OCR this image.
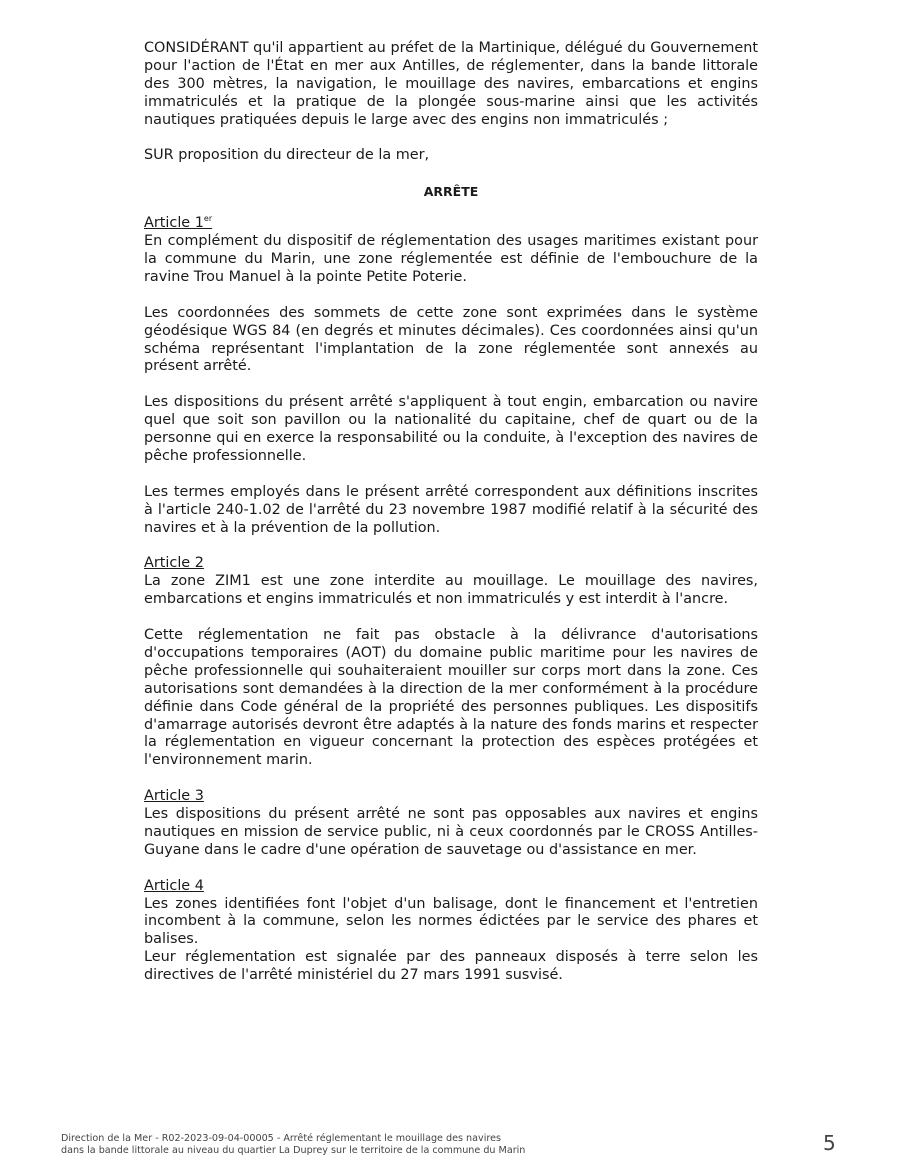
CONSIDÉRANT qu'il appartient au préfet de la Martinique, délégué du Gouvernement pour l'action de l'État en mer aux Antilles, de réglementer, dans la bande littorale des 300 mètres, la navigation, le mouillage des navires, embarcations et engins immatriculés et la pratique de la plongée sous-marine ainsi que les activités nautiques pratiquées depuis le large avec des engins non immatriculés ;

SUR proposition du directeur de la mer,

ARRÊTE

Article 1er

En complément du dispositif de réglementation des usages maritimes existant pour la commune du Marin, une zone réglementée est définie de l'embouchure de la ravine Trou Manuel à la pointe Petite Poterie.

Les coordonnées des sommets de cette zone sont exprimées dans le système géodésique WGS 84 (en degrés et minutes décimales). Ces coordonnées ainsi qu'un schéma représentant l'implantation de la zone réglementée sont annexés au présent arrêté.

Les dispositions du présent arrêté s'appliquent à tout engin, embarcation ou navire quel que soit son pavillon ou la nationalité du capitaine, chef de quart ou de la personne qui en exerce la responsabilité ou la conduite, à l'exception des navires de pêche professionnelle.

Les termes employés dans le présent arrêté correspondent aux définitions inscrites à l'article 240-1.02 de l'arrêté du 23 novembre 1987 modifié relatif à la sécurité des navires et à la prévention de la pollution.

Article 2

La zone ZIM1 est une zone interdite au mouillage. Le mouillage des navires, embarcations et engins immatriculés et non immatriculés y est interdit à l'ancre.

Cette réglementation ne fait pas obstacle à la délivrance d'autorisations d'occupations temporaires (AOT) du domaine public maritime pour les navires de pêche professionnelle qui souhaiteraient mouiller sur corps mort dans la zone. Ces autorisations sont demandées à la direction de la mer conformément à la procédure définie dans Code général de la propriété des personnes publiques. Les dispositifs d'amarrage autorisés devront être adaptés à la nature des fonds marins et respecter la réglementation en vigueur concernant la protection des espèces protégées et l'environnement marin.

Article 3

Les dispositions du présent arrêté ne sont pas opposables aux navires et engins nautiques en mission de service public, ni à ceux coordonnés par le CROSS Antilles-Guyane dans le cadre d'une opération de sauvetage ou d'assistance en mer.

Article 4

Les zones identifiées font l'objet d'un balisage, dont le financement et l'entretien incombent à la commune, selon les normes édictées par le service des phares et balises.

Leur réglementation est signalée par des panneaux disposés à terre selon les directives de l'arrêté ministériel du 27 mars 1991 susvisé.

Direction de la Mer - R02-2023-09-04-00005 - Arrêté réglementant le mouillage des navires
dans la bande littorale au niveau du quartier La Duprey sur le territoire de la commune du Marin	5
